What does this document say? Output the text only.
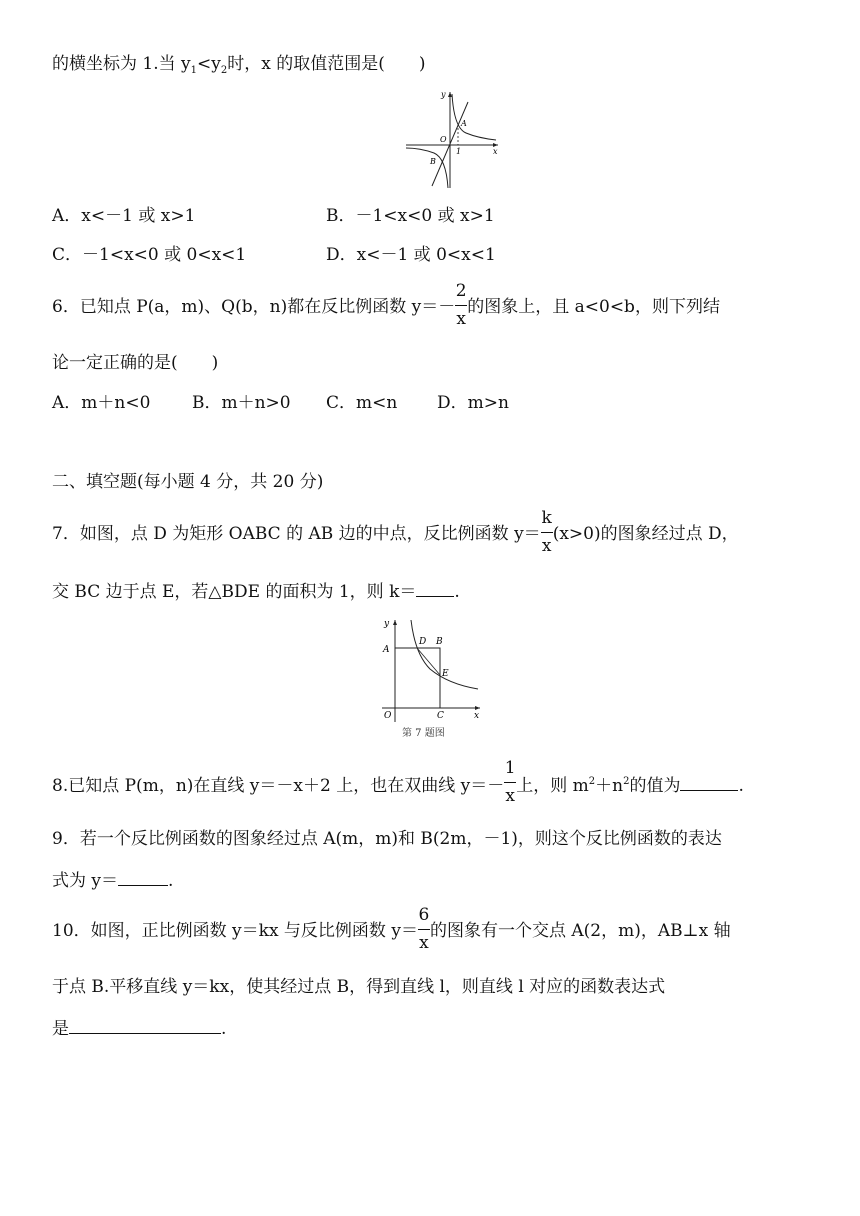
的横坐标为 1.当 $y_1<y_2$时，x 的取值范围是(　　)
y
O
1	x
A
B
A．x<－1 或 x>1	B．－1<x<0 或 x>1
C．－1<x<0 或 0<x<1	D．x<－1 或 0<x<1
6．已知点 P(a，m)、Q(b，n)都在反比例函数 $y=- \frac{2}{x}$ 的图象上，且 a<0<b，则下列结
论一定正确的是(　　)
A．m＋n<0 B．m＋n>0 C．m<n D．m>n
二、填空题(每小题 4 分，共 20 分)
7．如图，点 D 为矩形 OABC 的 AB 边的中点，反比例函数 $y= \frac{k}{x} (x>0)$的图象经过点 D，
交 BC 边于点 E，若△BDE 的面积为 1，则 k＝ .
y
A
D B
E
O	C	x
第 7 题图
8.已知点 P(m，n)在直线 y＝－x＋2 上，也在双曲线 $y=- \frac{1}{x}$ 上，则 $m^2+n^2$的值为	.
9．若一个反比例函数的图象经过点 A(m，m)和 B(2m，－1)，则这个反比例函数的表达
式为 y＝	.
10．如图，正比例函数 y＝kx 与反比例函数 $y= \frac{6}{x}$ 的图象有一个交点 A(2，m)，AB⊥x 轴
于点 B.平移直线 y＝kx，使其经过点 B，得到直线 l，则直线 l 对应的函数表达式
是	.
